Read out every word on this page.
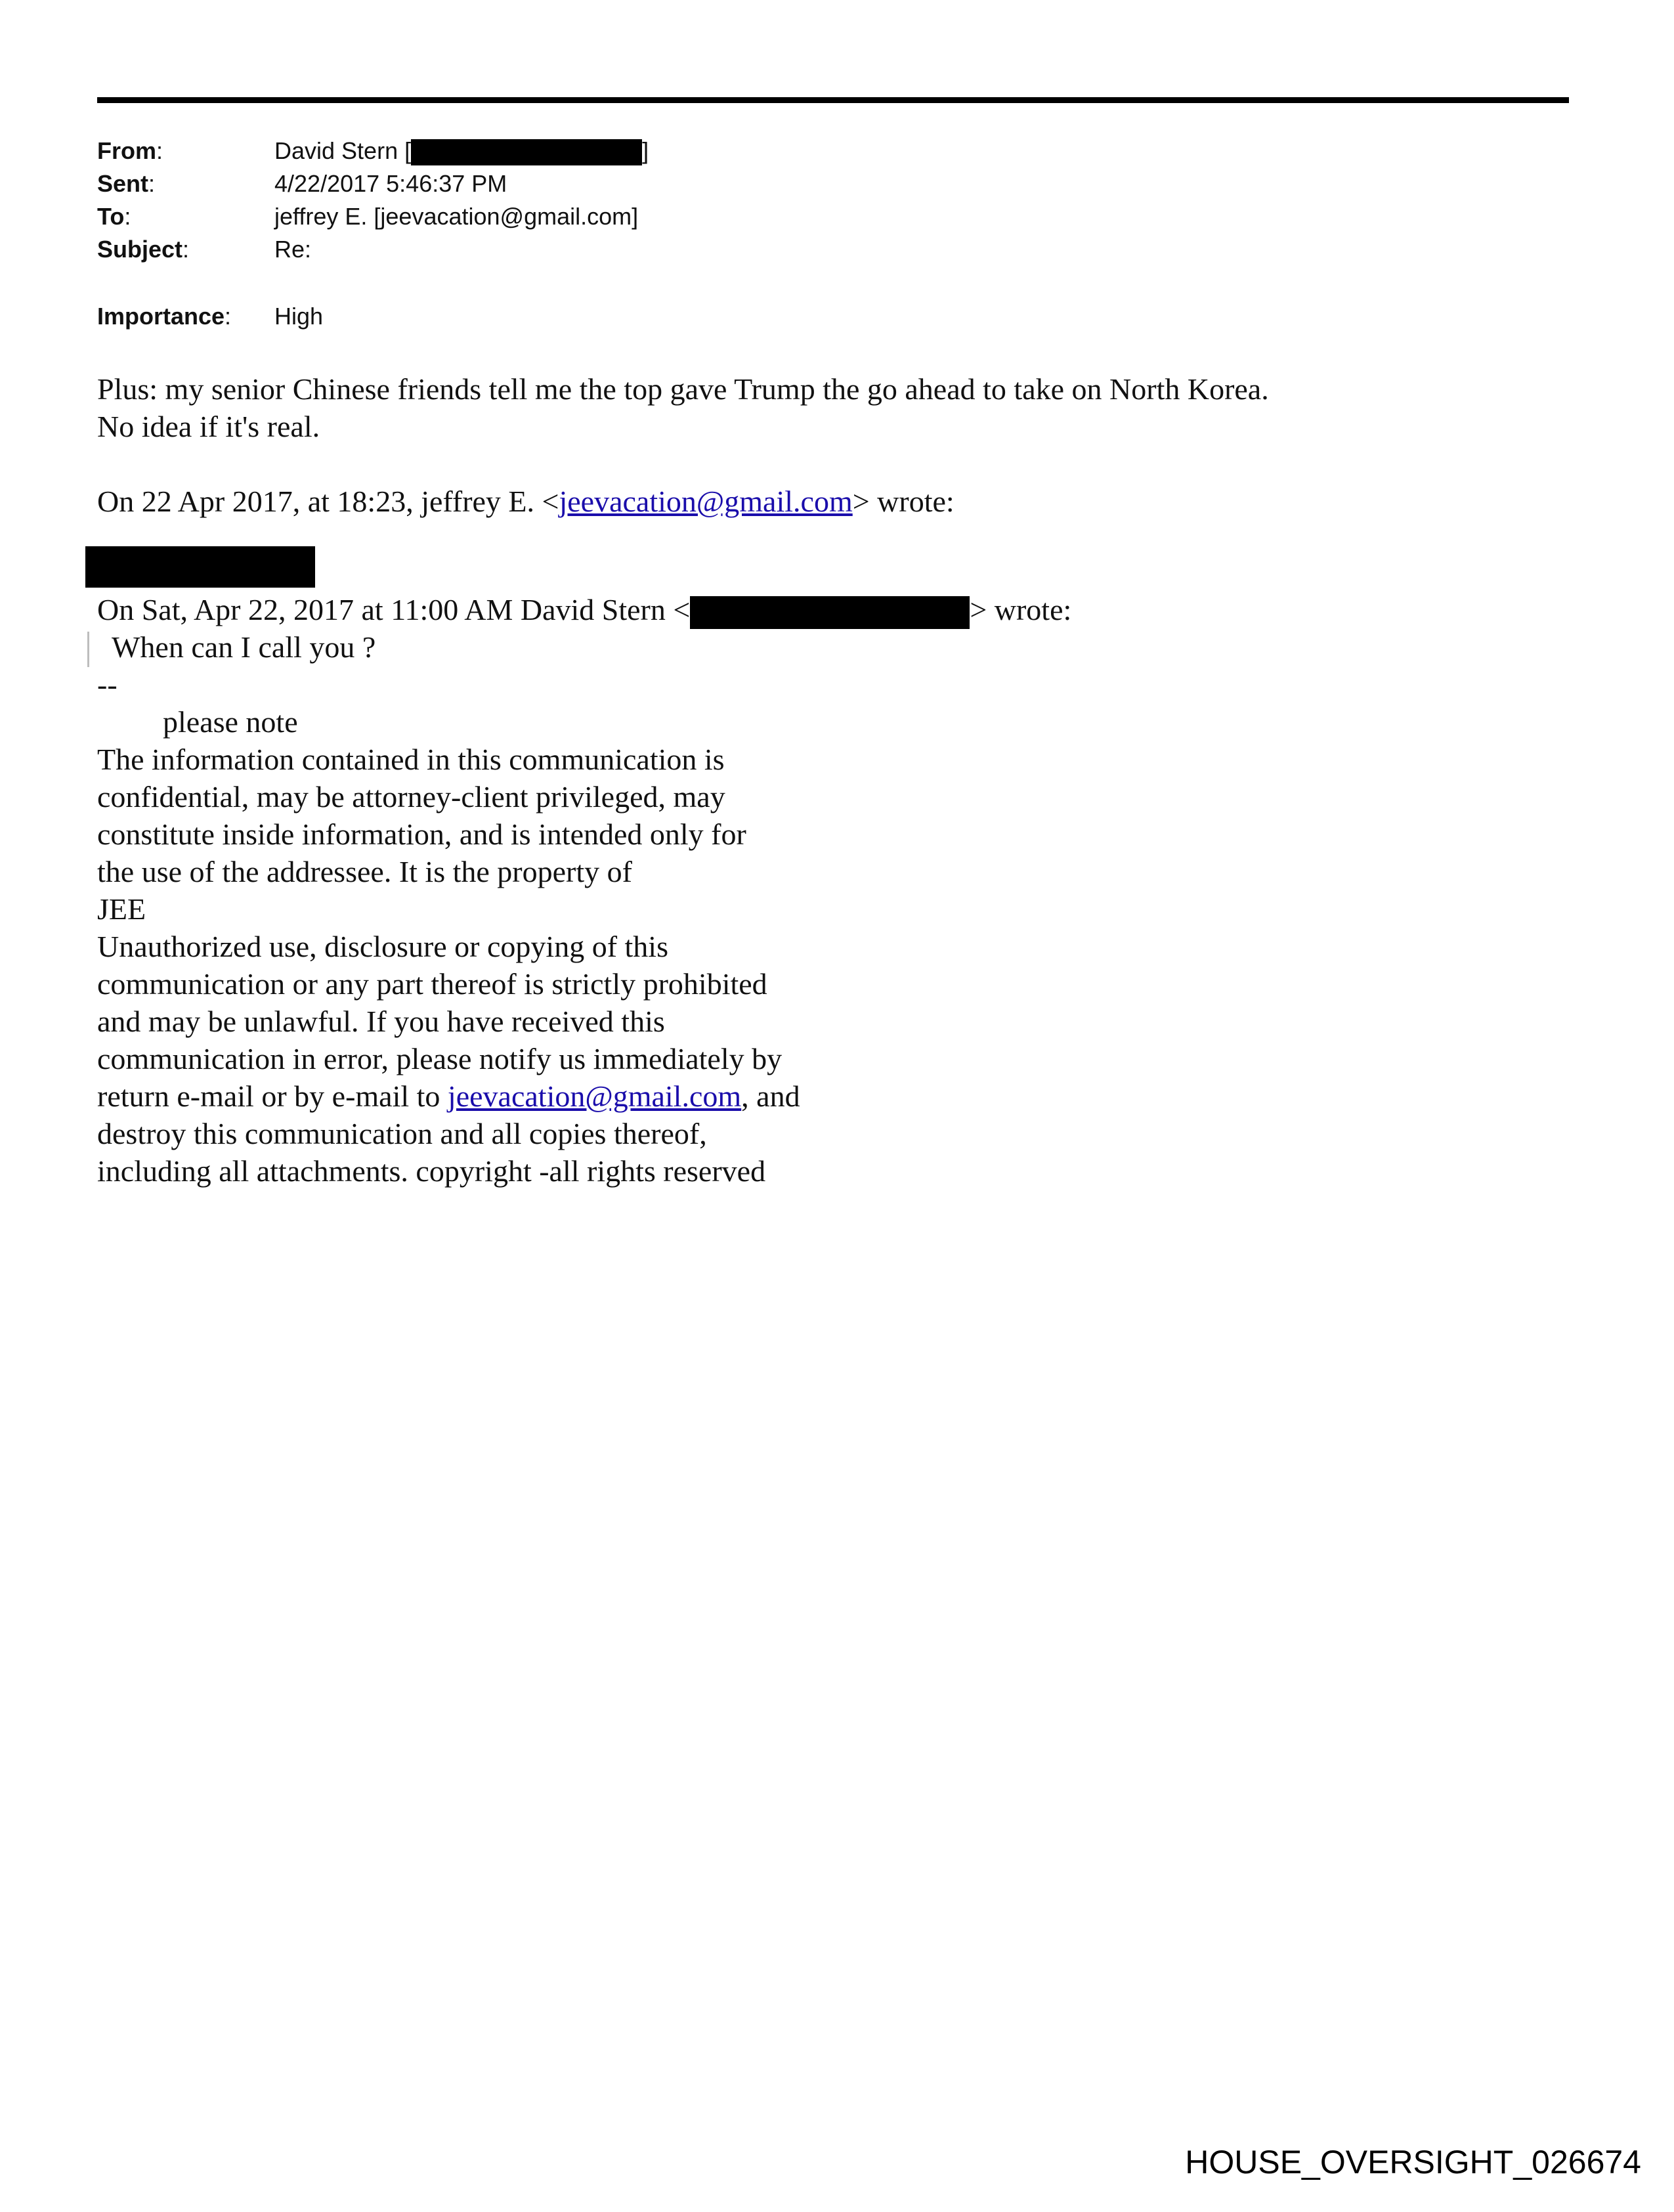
From:	David Stern [	]
Sent:	4/22/2017 5:46:37 PM
To:	jeffrey E. [jeevacation@gmail.com]
Subject:	Re:
Importance: High
Plus: my senior Chinese friends tell me the top gave Trump the go ahead to take on North Korea.
No idea if it's real.
On 22 Apr 2017, at 18:23, jeffrey E. <jeevacation@gmail.com> wrote:
On Sat, Apr 22, 2017 at 11:00 AM David Stern <	> wrote:
When can I call you ?
--
please note
The information contained in this communication is
confidential, may be attorney-client privileged, may
constitute inside information, and is intended only for
the use of the addressee. It is the property of
JEE
Unauthorized use, disclosure or copying of this
communication or any part thereof is strictly prohibited
and may be unlawful. If you have received this
communication in error, please notify us immediately by
return e-mail or by e-mail to jeevacation@gmail.com, and
destroy this communication and all copies thereof,
including all attachments. copyright -all rights reserved
HOUSE_OVERSIGHT_026674
